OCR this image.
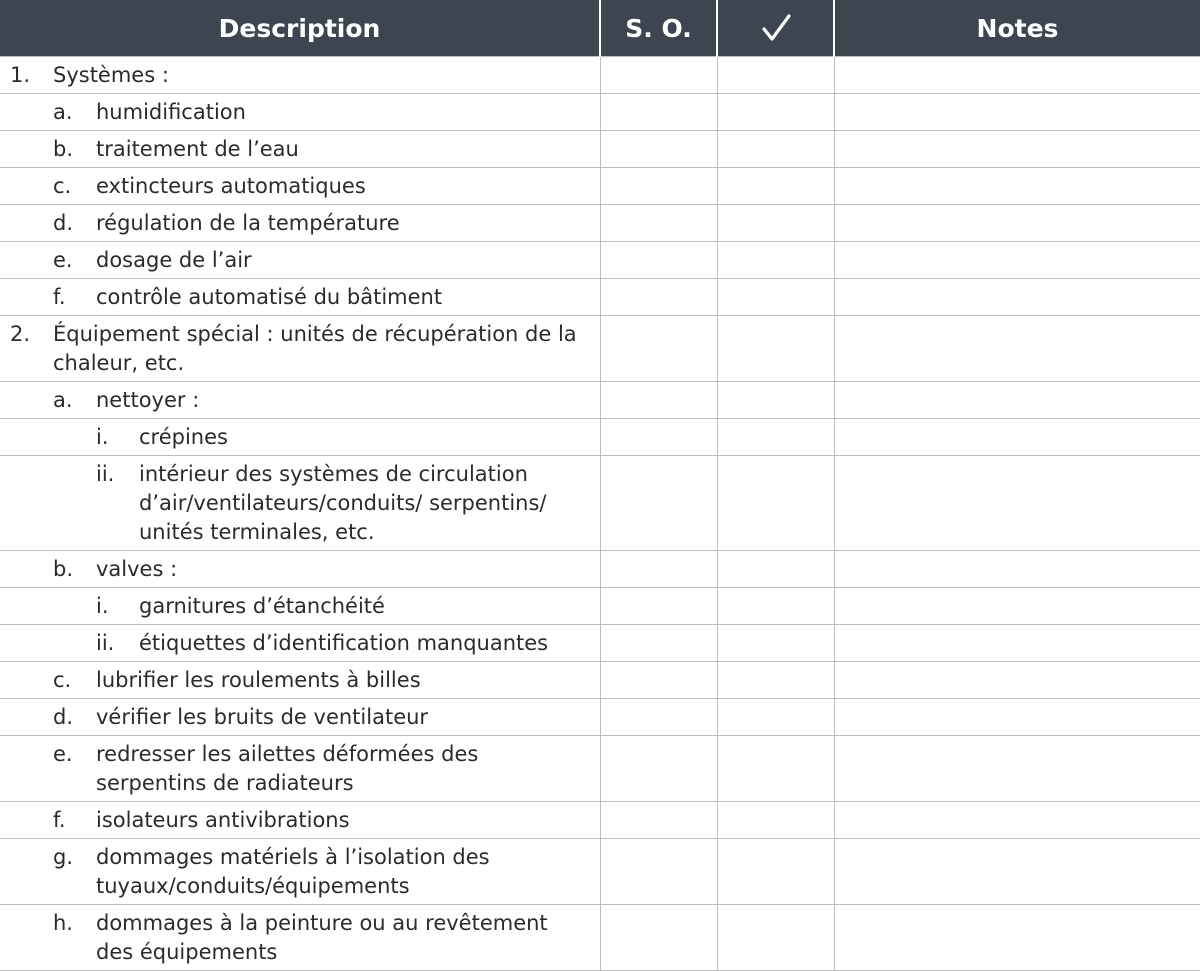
Description	S. O.		Notes

1. Systèmes :			

a. humidification			

b. traitement de l’eau			

c. extincteurs automatiques			

d. régulation de la température			

e. dosage de l’air			

f. contrôle automatisé du bâtiment			

2. Équipement spécial : unités de récupération de la chaleur, etc.			

a. nettoyer :			

i. crépines			

ii. intérieur des systèmes de circulation d’air/ventilateurs/conduits/ serpentins/ unités terminales, etc.			

b. valves :			

i. garnitures d’étanchéité			

ii. étiquettes d’identification manquantes			

c. lubrifier les roulements à billes			

d. vérifier les bruits de ventilateur			

e. redresser les ailettes déformées des serpentins de radiateurs			

f. isolateurs antivibrations			

g. dommages matériels à l’isolation des tuyaux/conduits/équipements			

h. dommages à la peinture ou au revêtement des équipements			
